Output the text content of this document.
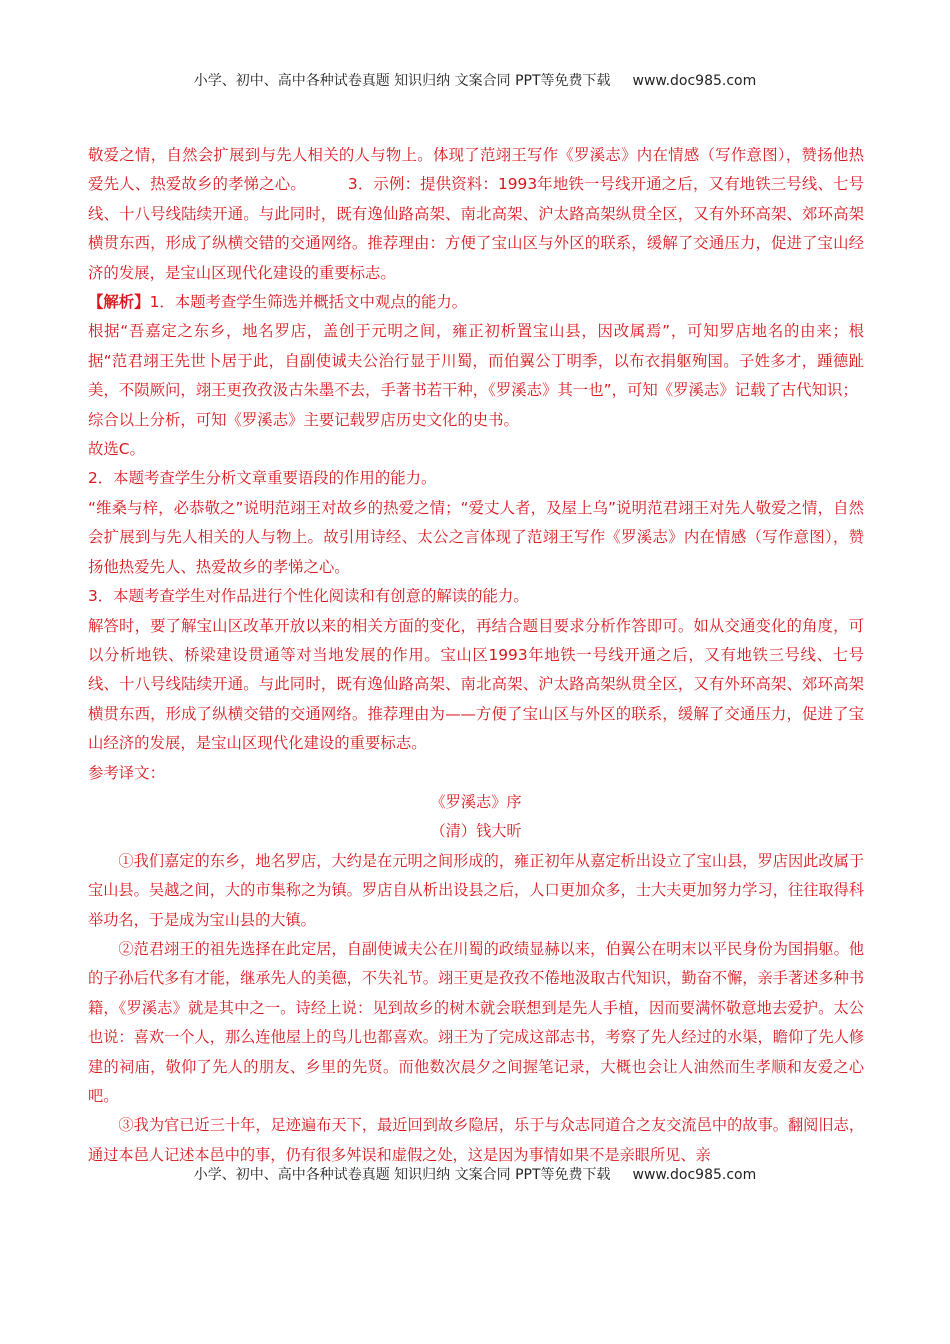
小学、初中、高中各种试卷真题 知识归纳 文案合同 PPT等免费下载 www.doc985.com

敬爱之情，自然会扩展到与先人相关的人与物上。体现了范翊王写作《罗溪志》内在情感（写作意图），赞扬他热爱先人、热爱故乡的孝悌之心。	3．示例：提供资料：1993年地铁一号线开通之后，又有地铁三号线、七号线、十八号线陆续开通。与此同时，既有逸仙路高架、南北高架、沪太路高架纵贯全区，又有外环高架、郊环高架横贯东西，形成了纵横交错的交通网络。推荐理由：方便了宝山区与外区的联系，缓解了交通压力，促进了宝山经济的发展，是宝山区现代化建设的重要标志。

【解析】1．本题考查学生筛选并概括文中观点的能力。

根据“吾嘉定之东乡，地名罗店，盖创于元明之间，雍正初析置宝山县，因改属焉”，可知罗店地名的由来；根据“范君翊王先世卜居于此，自副使诚夫公治行显于川蜀，而伯翼公丁明季，以布衣捐躯殉国。子姓多才，踵德趾美，不陨厥问，翊王更孜孜汲古朱墨不去，手著书若干种，《罗溪志》其一也”，可知《罗溪志》记载了古代知识；

综合以上分析，可知《罗溪志》主要记载罗店历史文化的史书。

故选C。

2．本题考查学生分析文章重要语段的作用的能力。

“维桑与梓，必恭敬之”说明范翊王对故乡的热爱之情；“爱丈人者，及屋上乌”说明范君翊王对先人敬爱之情，自然会扩展到与先人相关的人与物上。故引用诗经、太公之言体现了范翊王写作《罗溪志》内在情感（写作意图），赞扬他热爱先人、热爱故乡的孝悌之心。

3．本题考查学生对作品进行个性化阅读和有创意的解读的能力。

解答时，要了解宝山区改革开放以来的相关方面的变化，再结合题目要求分析作答即可。如从交通变化的角度，可以分析地铁、桥梁建设贯通等对当地发展的作用。宝山区1993年地铁一号线开通之后，又有地铁三号线、七号线、十八号线陆续开通。与此同时，既有逸仙路高架、南北高架、沪太路高架纵贯全区，又有外环高架、郊环高架横贯东西，形成了纵横交错的交通网络。推荐理由为——方便了宝山区与外区的联系，缓解了交通压力，促进了宝山经济的发展，是宝山区现代化建设的重要标志。

参考译文：

《罗溪志》序

（清）钱大昕

①我们嘉定的东乡，地名罗店，大约是在元明之间形成的，雍正初年从嘉定析出设立了宝山县，罗店因此改属于宝山县。吴越之间，大的市集称之为镇。罗店自从析出设县之后，人口更加众多，士大夫更加努力学习，往往取得科举功名，于是成为宝山县的大镇。

②范君翊王的祖先选择在此定居，自副使诚夫公在川蜀的政绩显赫以来，伯翼公在明末以平民身份为国捐躯。他的子孙后代多有才能，继承先人的美德，不失礼节。翊王更是孜孜不倦地汲取古代知识，勤奋不懈，亲手著述多种书籍，《罗溪志》就是其中之一。诗经上说：见到故乡的树木就会联想到是先人手植，因而要满怀敬意地去爱护。太公也说：喜欢一个人，那么连他屋上的鸟儿也都喜欢。翊王为了完成这部志书，考察了先人经过的水渠，瞻仰了先人修建的祠庙，敬仰了先人的朋友、乡里的先贤。而他数次晨夕之间握笔记录，大概也会让人油然而生孝顺和友爱之心吧。

③我为官已近三十年，足迹遍布天下，最近回到故乡隐居，乐于与众志同道合之友交流邑中的故事。翻阅旧志，通过本邑人记述本邑中的事，仍有很多舛误和虚假之处，这是因为事情如果不是亲眼所见、亲

小学、初中、高中各种试卷真题 知识归纳 文案合同 PPT等免费下载 www.doc985.com
